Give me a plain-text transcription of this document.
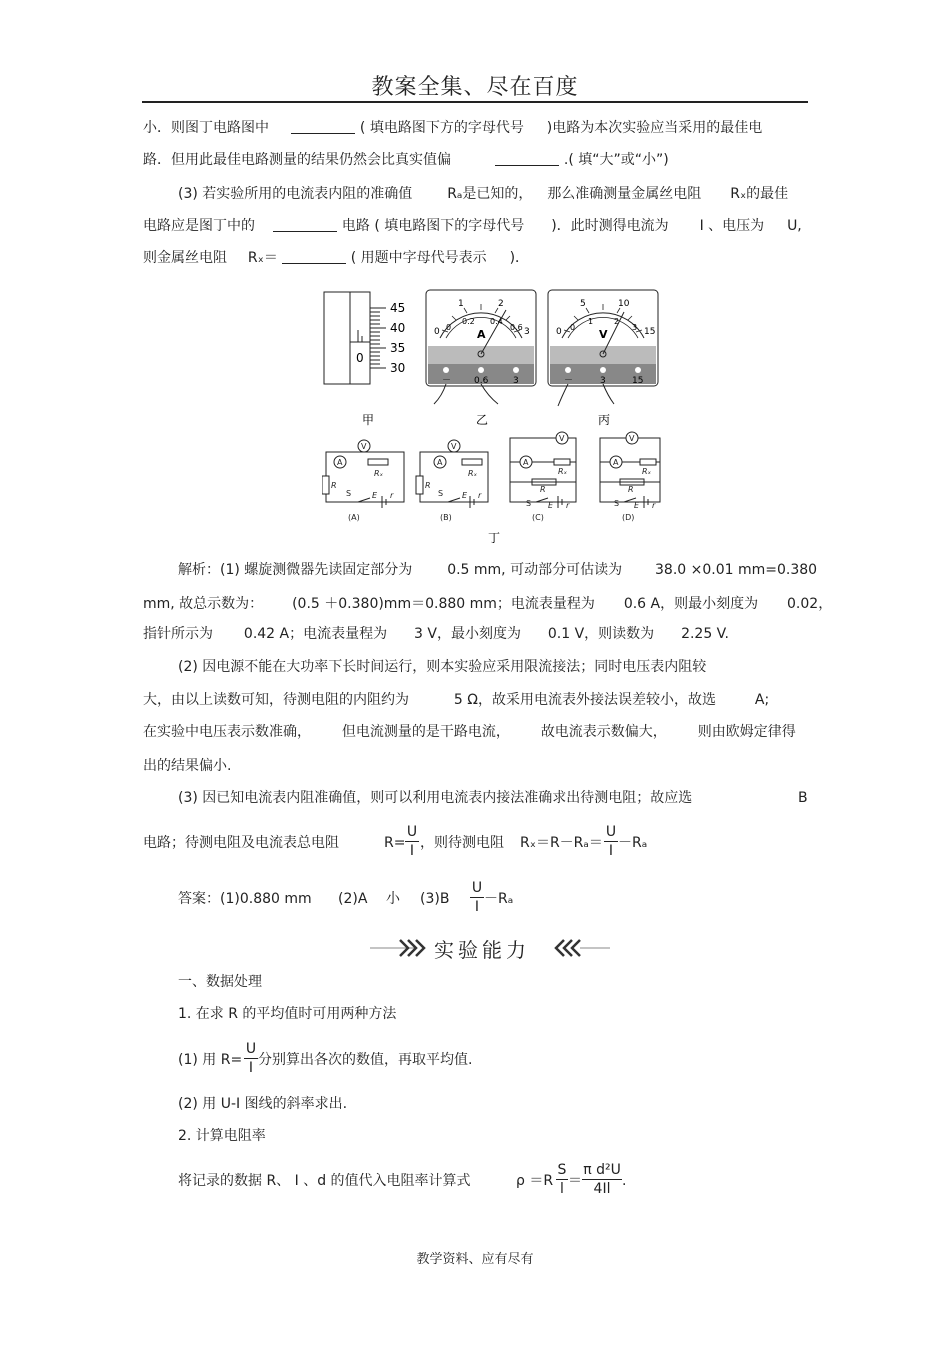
教案全集、尽在百度
小．则图丁电路图中	( 填电路图下方的字母代号 )电路为本次实验应当采用的最佳电
路．但用此最佳电路测量的结果仍然会比真实值偏	.( 填“大”或“小”)
(3) 若实验所用的电流表内阻的准确值 Rₐ是已知的， 那么准确测量金属丝电阻 Rₓ的最佳
电路应是图丁中的	电路 ( 填电路图下的字母代号 )．此时测得电流为 I 、电压为 U,
则金属丝电阻 Rₓ＝	( 用题中字母代号表示 )．
45
40
35
30
0
0
1	2
3
0
0.2 0.4
0.6
A
－	0.6	3
0
5	10
15
0
1	2
3
V
－	3	15
甲	乙	丙
V
A
Rₓ
R
S	E r
(A)
V
A
Rₓ
R
S E r
(B)
V
A
Rₓ
R
S E r
(C)
V
A
Rₓ
R
S E r
(D)
丁
解析：(1) 螺旋测微器先读固定部分为 0.5 mm, 可动部分可估读为 38.0 ×0.01 mm=0.380
mm, 故总示数为： (0.5 ＋0.380)mm＝0.880 mm；电流表量程为 0.6 A，则最小刻度为 0.02，
指针所示为 0.42 A；电流表量程为 3 V，最小刻度为 0.1 V，则读数为 2.25 V.
(2) 因电源不能在大功率下长时间运行，则本实验应采用限流接法；同时电压表内阻较
大，由以上读数可知，待测电阻的内阻约为	5 Ω，故采用电流表外接法误差较小，故选	A;
在实验中电压表示数准确， 但电流测量的是干路电流， 故电流表示数偏大， 则由欧姆定律得
出的结果偏小.
(3) 因已知电流表内阻准确值，则可以利用电流表内接法准确求出待测电阻；故应选	B
电路；待测电阻及电流表总电阻	R=
U
I ，则待测电阻 Rₓ＝R－Rₐ＝
U
I －Rₐ
答案：(1)0.880 mm (2)A 小 (3)B
U
I －Rₐ
实验能力
一、数据处理
1. 在求 R 的平均值时可用两种方法
(1) 用 R=
U
I 分别算出各次的数值，再取平均值.
(2) 用 U-I 图线的斜率求出.
2. 计算电阻率
将记录的数据 R、 I 、d 的值代入电阻率计算式	ρ ＝R
S
l ＝
π d²U
4Il .
教学资料、应有尽有
